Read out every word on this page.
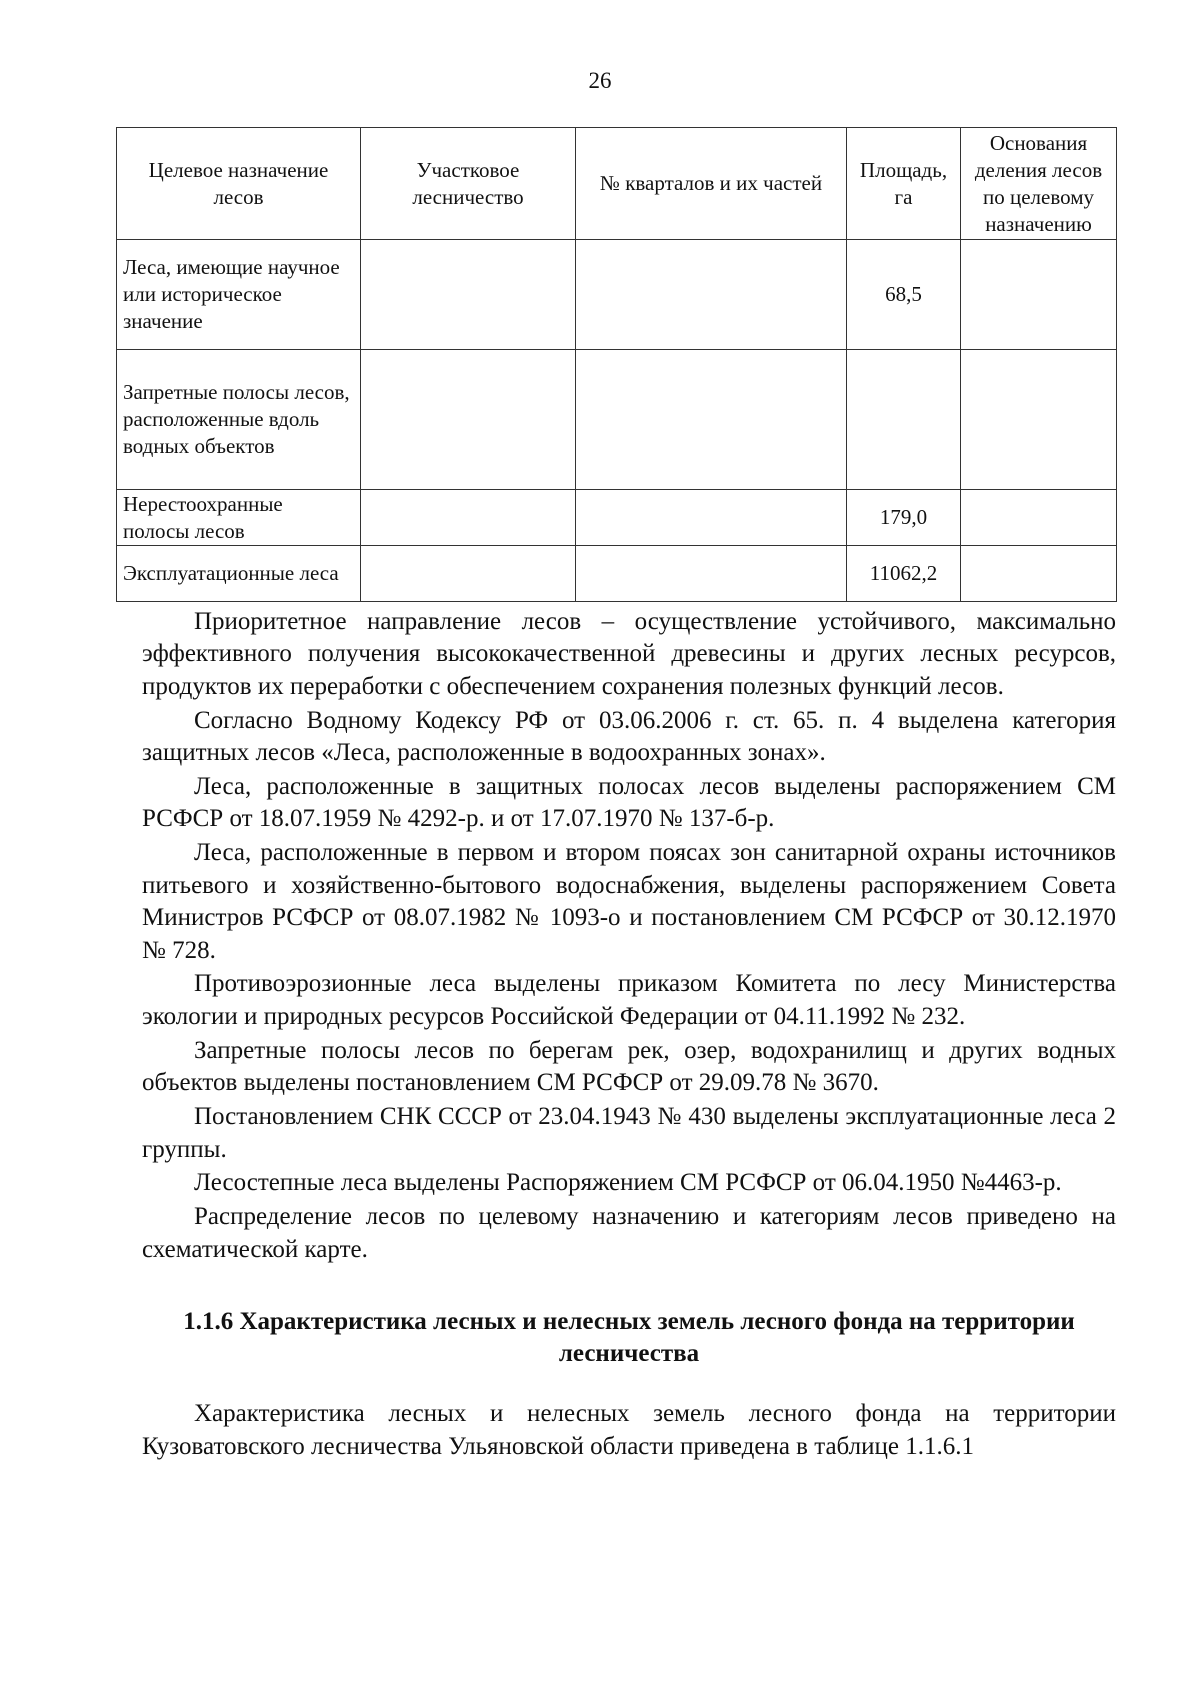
26
Целевое назначение лесов	Участковое лесничество	№ кварталов и их частей	Площадь, га	Основания деления лесов по целевому назначению
Леса, имеющие научное или историческое значение			68,5	
Запретные полосы лесов, расположенные вдоль водных объектов				
Нерестоохранные полосы лесов			179,0	
Эксплуатационные леса			11062,2	

Приоритетное направление лесов – осуществление устойчивого, максимально эффективного получения высококачественной древесины и других лесных ресурсов, продуктов их переработки с обеспечением сохранения полезных функций лесов.

Согласно Водному Кодексу РФ от 03.06.2006 г. ст. 65. п. 4 выделена категория защитных лесов «Леса, расположенные в водоохранных зонах».

Леса, расположенные в защитных полосах лесов выделены распоряжением СМ РСФСР от 18.07.1959 № 4292-р. и от 17.07.1970 № 137-б-р.

Леса, расположенные в первом и втором поясах зон санитарной охраны источников питьевого и хозяйственно-бытового водоснабжения, выделены распоряжением Совета Министров РСФСР от 08.07.1982 № 1093-о и постановлением СМ РСФСР от 30.12.1970 № 728.

Противоэрозионные леса выделены приказом Комитета по лесу Министерства экологии и природных ресурсов Российской Федерации от 04.11.1992 № 232.

Запретные полосы лесов по берегам рек, озер, водохранилищ и других водных объектов выделены постановлением СМ РСФСР от 29.09.78 № 3670.

Постановлением СНК СССР от 23.04.1943 № 430 выделены эксплуатационные леса 2 группы.

Лесостепные леса выделены Распоряжением СМ РСФСР от 06.04.1950 №4463-р.

Распределение лесов по целевому назначению и категориям лесов приведено на схематической карте.

1.1.6 Характеристика лесных и нелесных земель лесного фонда на территории лесничества

Характеристика лесных и нелесных земель лесного фонда на территории Кузоватовского лесничества Ульяновской области приведена в таблице 1.1.6.1
